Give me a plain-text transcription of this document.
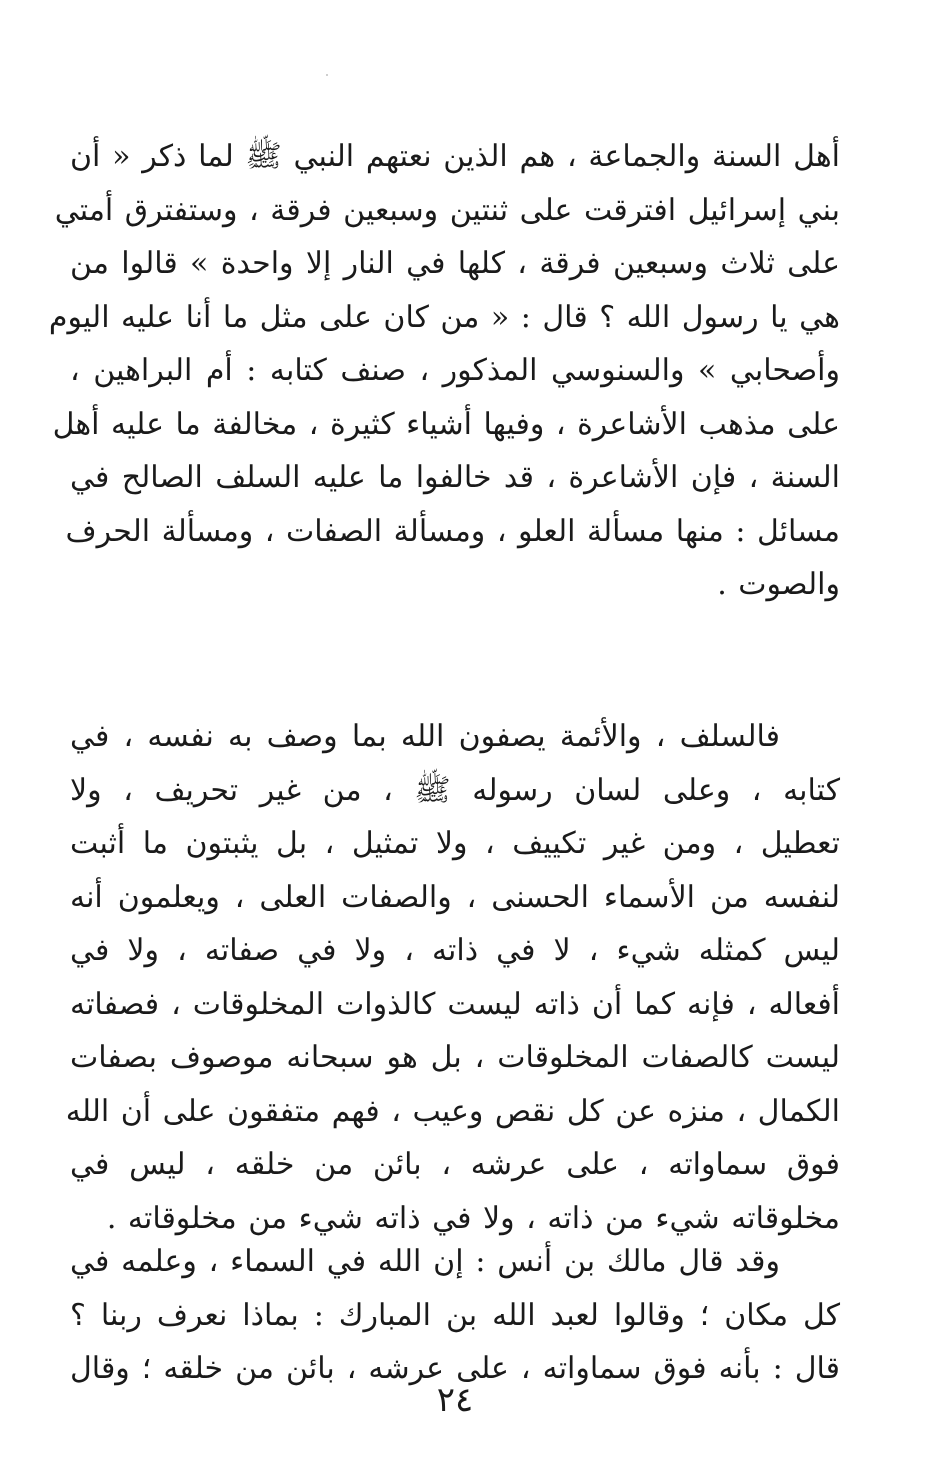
أهل السنة والجماعة ، هم الذين نعتهم النبي ﷺ لما ذكر « أن
بني إسرائيل افترقت على ثنتين وسبعين فرقة ، وستفترق أمتي
على ثلاث وسبعين فرقة ، كلها في النار إلا واحدة » قالوا من
هي يا رسول الله ؟ قال : « من كان على مثل ما أنا عليه اليوم
وأصحابي » والسنوسي المذكور ، صنف كتابه : أم البراهين ،
على مذهب الأشاعرة ، وفيها أشياء كثيرة ، مخالفة ما عليه أهل
السنة ، فإن الأشاعرة ، قد خالفوا ما عليه السلف الصالح في
مسائل : منها مسألة العلو ، ومسألة الصفات ، ومسألة الحرف
والصوت .
فالسلف ، والأئمة يصفون الله بما وصف به نفسه ، في
كتابه ، وعلى لسان رسوله ﷺ ، من غير تحريف ، ولا
تعطيل ، ومن غير تكييف ، ولا تمثيل ، بل يثبتون ما أثبت
لنفسه من الأسماء الحسنى ، والصفات العلى ، ويعلمون أنه
ليس كمثله شيء ، لا في ذاته ، ولا في صفاته ، ولا في
أفعاله ، فإنه كما أن ذاته ليست كالذوات المخلوقات ، فصفاته
ليست كالصفات المخلوقات ، بل هو سبحانه موصوف بصفات
الكمال ، منزه عن كل نقص وعيب ، فهم متفقون على أن الله
فوق سماواته ، على عرشه ، بائن من خلقه ، ليس في
مخلوقاته شيء من ذاته ، ولا في ذاته شيء من مخلوقاته .
وقد قال مالك بن أنس : إن الله في السماء ، وعلمه في
كل مكان ؛ وقالوا لعبد الله بن المبارك : بماذا نعرف ربنا ؟
قال : بأنه فوق سماواته ، على عرشه ، بائن من خلقه ؛ وقال
٢٤
